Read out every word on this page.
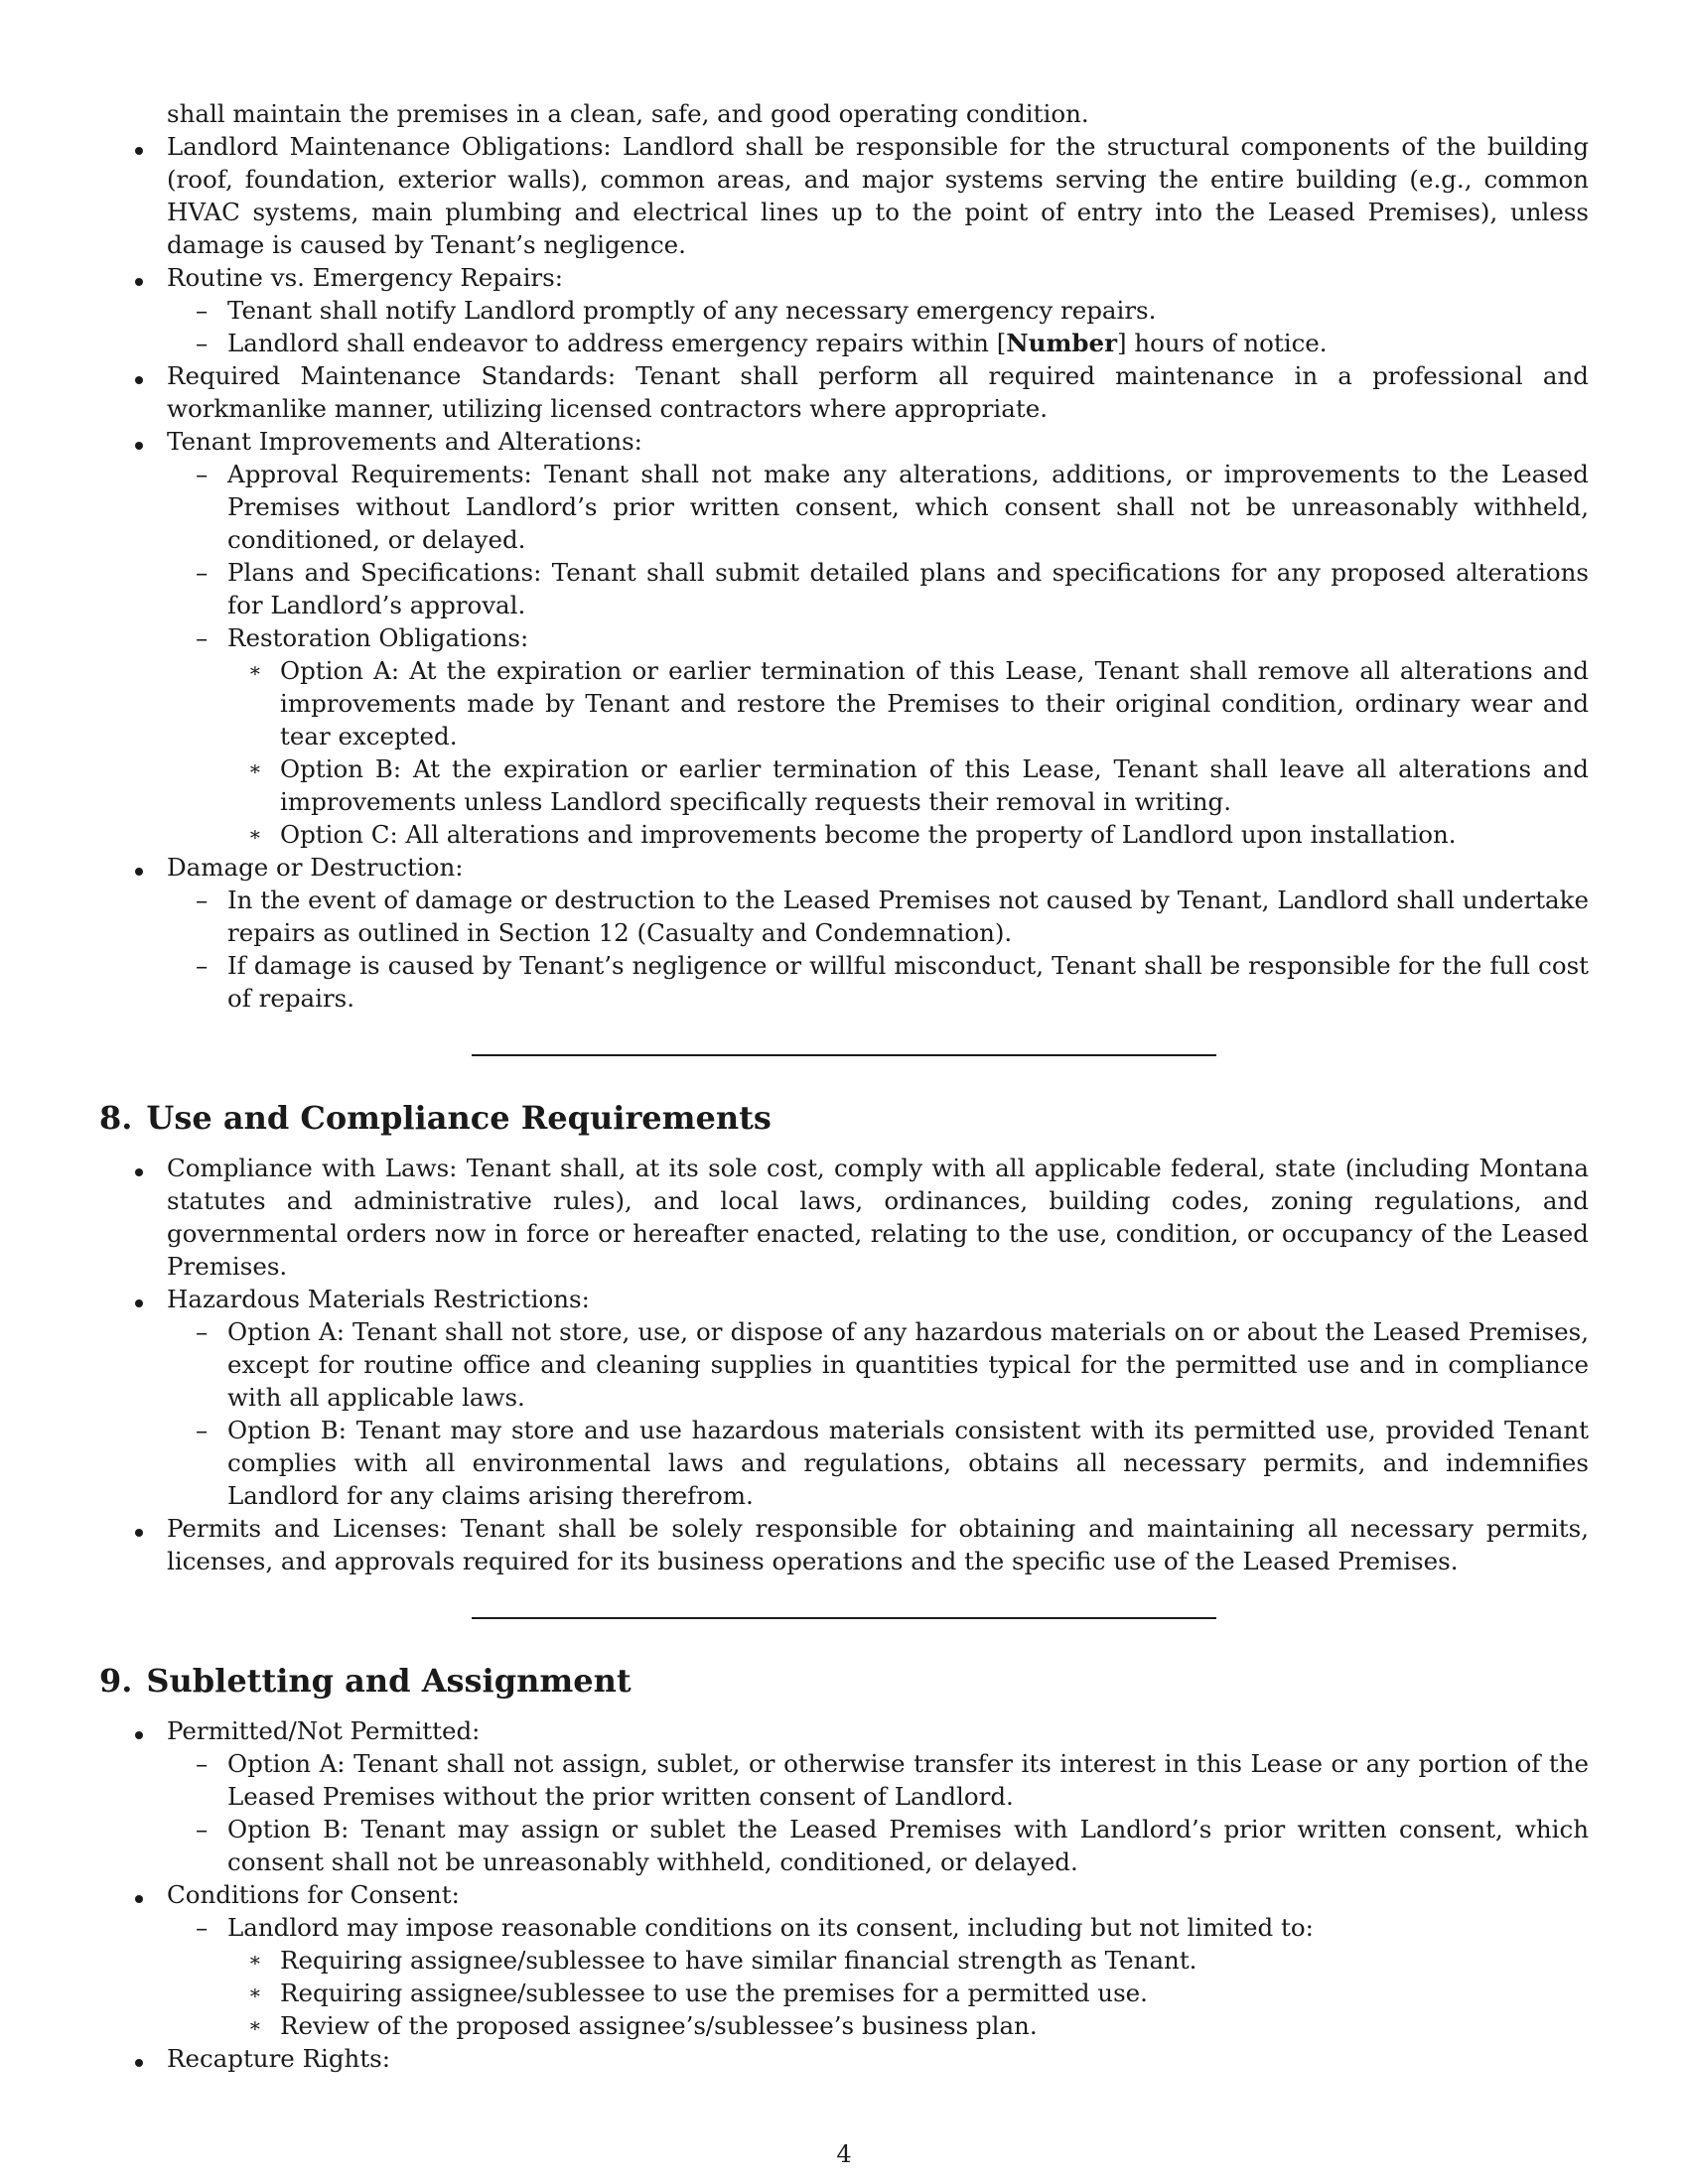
shall maintain the premises in a clean, safe, and good operating condition.
Landlord Maintenance Obligations: Landlord shall be responsible for the structural components of the building (roof, foundation, exterior walls), common areas, and major systems serving the entire building (e.g., common HVAC systems, main plumbing and electrical lines up to the point of entry into the Leased Premises), unless damage is caused by Tenant’s negligence.
Routine vs. Emergency Repairs:
– Tenant shall notify Landlord promptly of any necessary emergency repairs.
– Landlord shall endeavor to address emergency repairs within [Number] hours of notice.
Required Maintenance Standards: Tenant shall perform all required maintenance in a professional and workmanlike manner, utilizing licensed contractors where appropriate.
Tenant Improvements and Alterations:
– Approval Requirements: Tenant shall not make any alterations, additions, or improvements to the Leased Premises without Landlord’s prior written consent, which consent shall not be unreasonably withheld, conditioned, or delayed.
– Plans and Specifications: Tenant shall submit detailed plans and specifications for any proposed alterations for Landlord’s approval.
– Restoration Obligations:
∗ Option A: At the expiration or earlier termination of this Lease, Tenant shall remove all alterations and improvements made by Tenant and restore the Premises to their original condition, ordinary wear and tear excepted.
∗ Option B: At the expiration or earlier termination of this Lease, Tenant shall leave all alterations and improvements unless Landlord specifically requests their removal in writing.
∗ Option C: All alterations and improvements become the property of Landlord upon installation.
Damage or Destruction:
– In the event of damage or destruction to the Leased Premises not caused by Tenant, Landlord shall undertake repairs as outlined in Section 12 (Casualty and Condemnation).
– If damage is caused by Tenant’s negligence or willful misconduct, Tenant shall be responsible for the full cost of repairs.
8. Use and Compliance Requirements
Compliance with Laws: Tenant shall, at its sole cost, comply with all applicable federal, state (including Montana statutes and administrative rules), and local laws, ordinances, building codes, zoning regulations, and governmental orders now in force or hereafter enacted, relating to the use, condition, or occupancy of the Leased Premises.
Hazardous Materials Restrictions:
– Option A: Tenant shall not store, use, or dispose of any hazardous materials on or about the Leased Premises, except for routine office and cleaning supplies in quantities typical for the permitted use and in compliance with all applicable laws.
– Option B: Tenant may store and use hazardous materials consistent with its permitted use, provided Tenant complies with all environmental laws and regulations, obtains all necessary permits, and indemnifies Landlord for any claims arising therefrom.
Permits and Licenses: Tenant shall be solely responsible for obtaining and maintaining all necessary permits, licenses, and approvals required for its business operations and the specific use of the Leased Premises.
9. Subletting and Assignment
Permitted/Not Permitted:
– Option A: Tenant shall not assign, sublet, or otherwise transfer its interest in this Lease or any portion of the Leased Premises without the prior written consent of Landlord.
– Option B: Tenant may assign or sublet the Leased Premises with Landlord’s prior written consent, which consent shall not be unreasonably withheld, conditioned, or delayed.
Conditions for Consent:
– Landlord may impose reasonable conditions on its consent, including but not limited to:
∗ Requiring assignee/sublessee to have similar financial strength as Tenant.
∗ Requiring assignee/sublessee to use the premises for a permitted use.
∗ Review of the proposed assignee’s/sublessee’s business plan.
Recapture Rights:
4
